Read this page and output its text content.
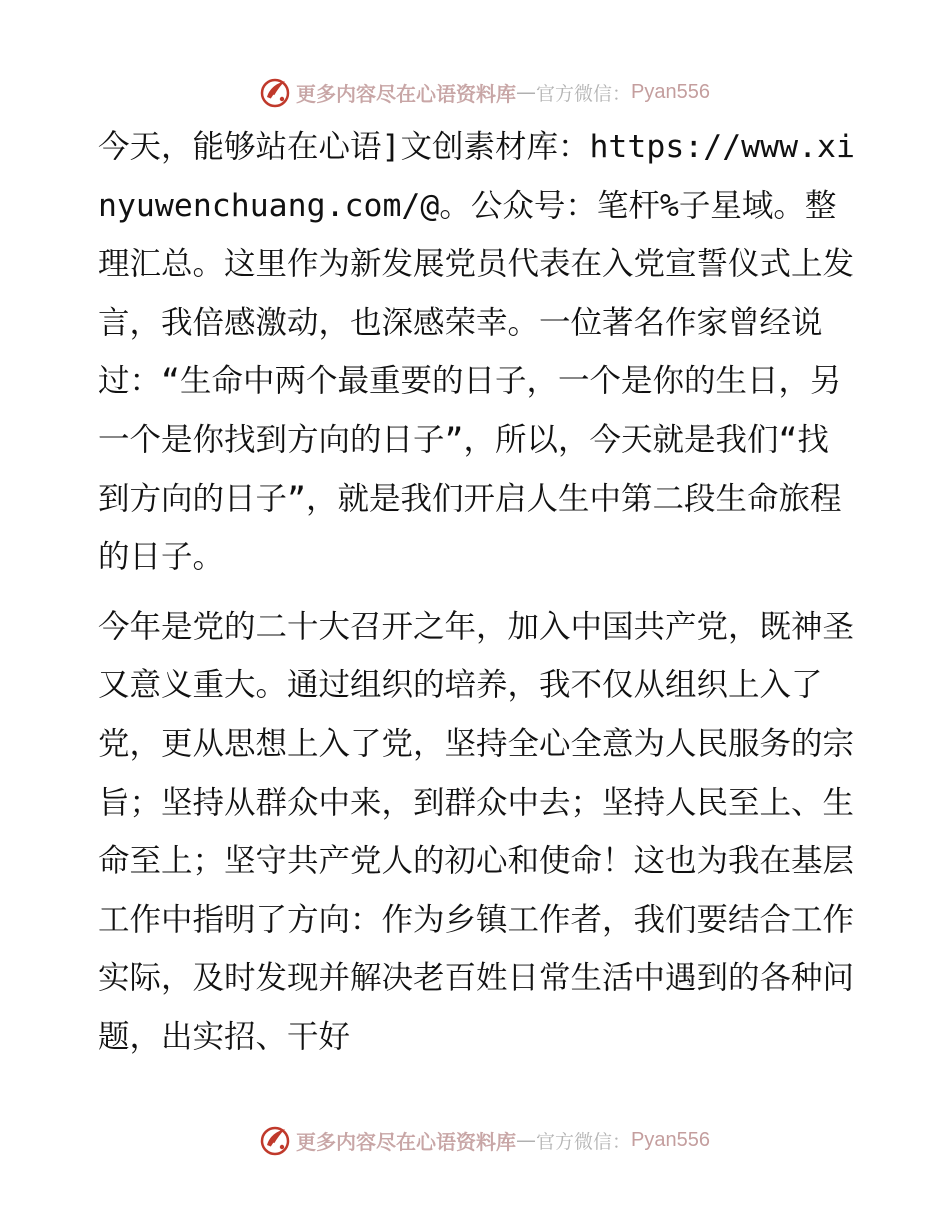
更多内容尽在心语资料库 — 官方微信： Pyan556

今天，能够站在心语]文创素材库：https://www.xinyuwenchuang.com/@。公众号：笔杆%子星域。整理汇总。这里作为新发展党员代表在入党宣誓仪式上发言，我倍感激动，也深感荣幸。一位著名作家曾经说过：“生命中两个最重要的日子，一个是你的生日，另一个是你找到方向的日子”，所以，今天就是我们“找到方向的日子”，就是我们开启人生中第二段生命旅程的日子。

今年是党的二十大召开之年，加入中国共产党，既神圣又意义重大。通过组织的培养，我不仅从组织上入了党，更从思想上入了党，坚持全心全意为人民服务的宗旨；坚持从群众中来，到群众中去；坚持人民至上、生命至上；坚守共产党人的初心和使命！这也为我在基层工作中指明了方向：作为乡镇工作者，我们要结合工作实际，及时发现并解决老百姓日常生活中遇到的各种问题，出实招、干好

更多内容尽在心语资料库 — 官方微信： Pyan556
